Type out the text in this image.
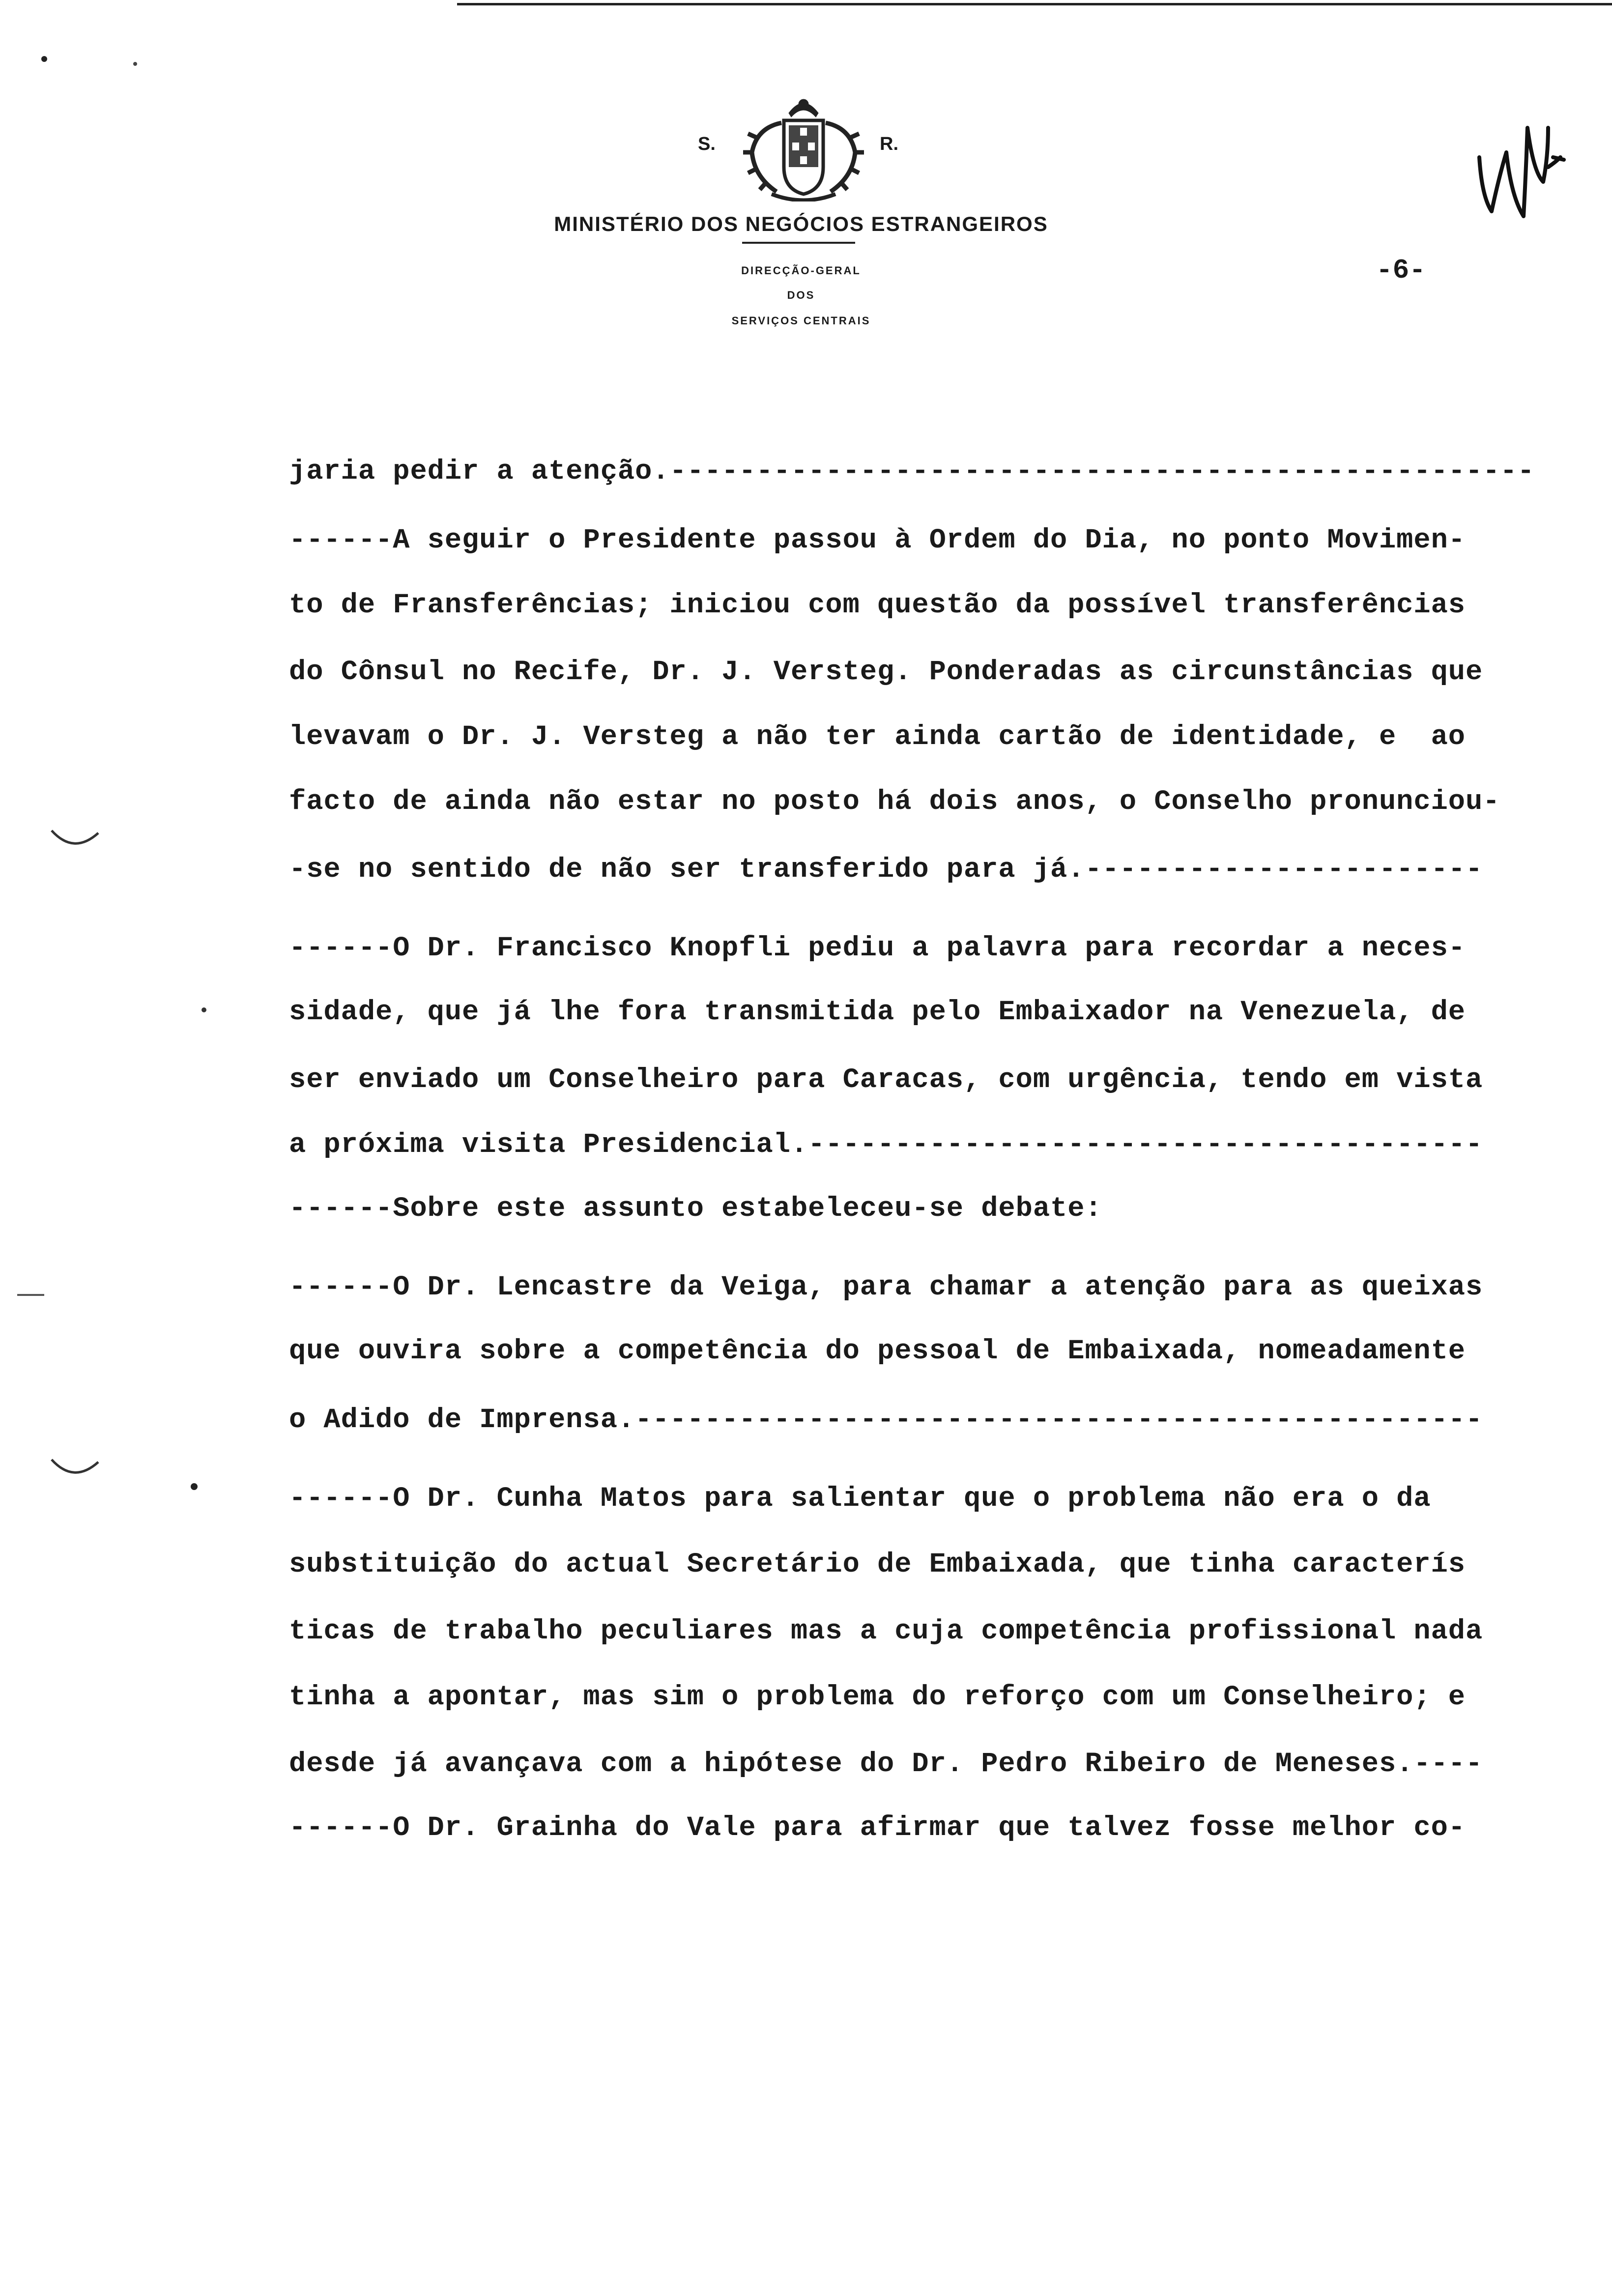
S.	R.
MINISTÉRIO DOS NEGÓCIOS ESTRANGEIROS
DIRECÇÃO-GERAL
DOS
SERVIÇOS CENTRAIS
-6-
jaria pedir a atenção.--------------------------------------------------
------A seguir o Presidente passou à Ordem do Dia, no ponto Movimen-
to de Fransferências; iniciou com questão da possível transferências
do Cônsul no Recife, Dr. J. Versteg. Ponderadas as circunstâncias que
levavam o Dr. J. Versteg a não ter ainda cartão de identidade, e  ao
facto de ainda não estar no posto há dois anos, o Conselho pronunciou-
-se no sentido de não ser transferido para já.-----------------------
------O Dr. Francisco Knopfli pediu a palavra para recordar a neces-
sidade, que já lhe fora transmitida pelo Embaixador na Venezuela, de
ser enviado um Conselheiro para Caracas, com urgência, tendo em vista
a próxima visita Presidencial.---------------------------------------
------Sobre este assunto estabeleceu-se debate:
------O Dr. Lencastre da Veiga, para chamar a atenção para as queixas
que ouvira sobre a competência do pessoal de Embaixada, nomeadamente
o Adido de Imprensa.-------------------------------------------------
------O Dr. Cunha Matos para salientar que o problema não era o da
substituição do actual Secretário de Embaixada, que tinha caracterís
ticas de trabalho peculiares mas a cuja competência profissional nada
tinha a apontar, mas sim o problema do reforço com um Conselheiro; e
desde já avançava com a hipótese do Dr. Pedro Ribeiro de Meneses.----
------O Dr. Grainha do Vale para afirmar que talvez fosse melhor co-
